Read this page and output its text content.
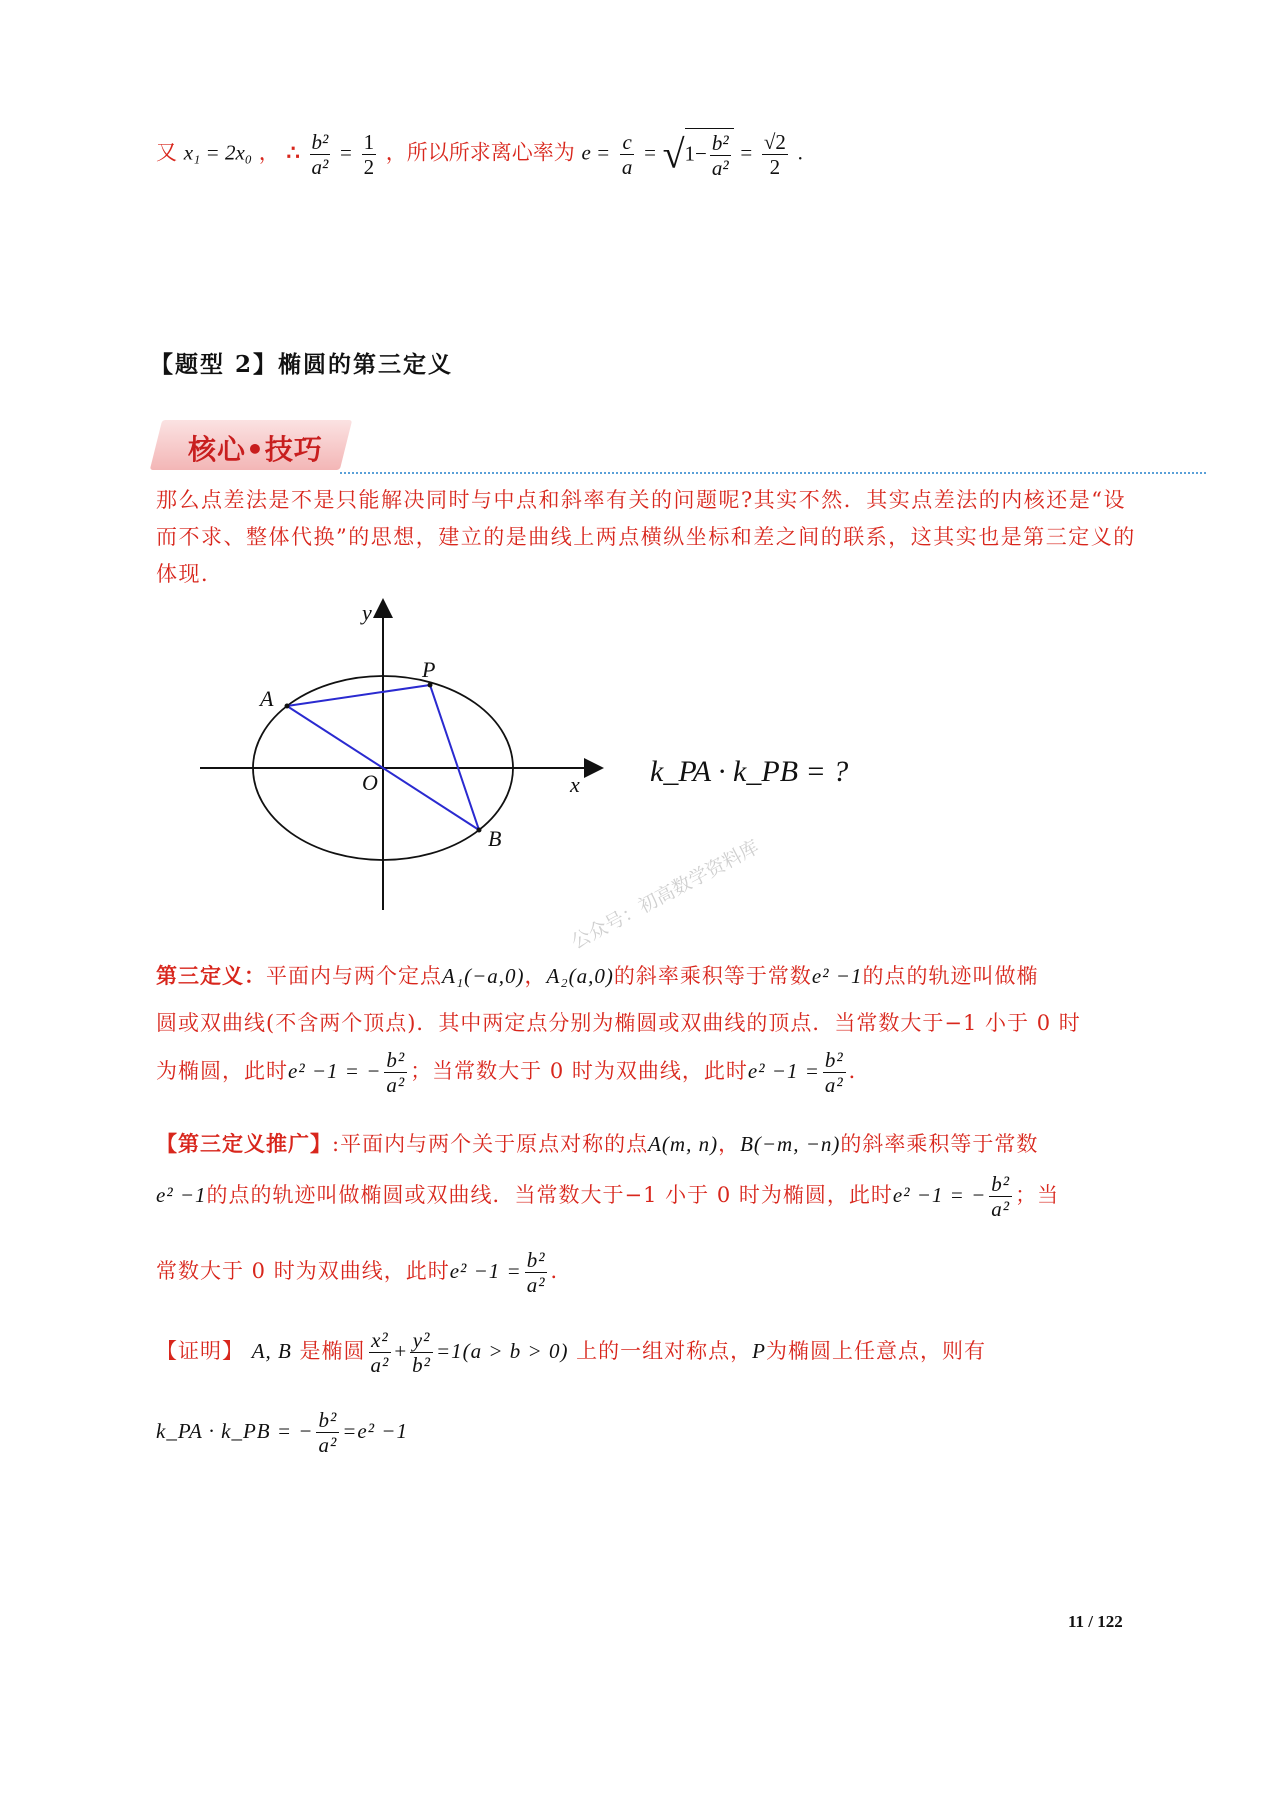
又 x₁ = 2x₀ ， ∴ $\frac{\text{b²}}{\text{a²}} = \frac{1}{2}$ ，所以所求离心率为 $e = \frac{c}{a} = √1- \frac{\text{b²}}{\text{a²}} = \frac{√2}{2}$ .
【题型 2】椭圆的第三定义
核心•技巧
那么点差法是不是只能解决同时与中点和斜率有关的问题呢?其实不然．其实点差法的内核还是“设而不求、整体代换”的思想，建立的是曲线上两点横纵坐标和差之间的联系，这其实也是第三定义的体现．
A
P
B
O	x
y
k_PA · k_PB = ?
公众号：初高数学资料库
第三定义：平面内与两个定点A₁(−a,0)，A₂(a,0)的斜率乘积等于常数e² −1的点的轨迹叫做椭
圆或双曲线(不含两个顶点)．其中两定点分别为椭圆或双曲线的顶点．当常数大于−1 小于 0 时
为椭圆，此时e² −1 = − $\frac{\text{b²}}{\text{a²}}$ ；当常数大于 0 时为双曲线，此时$e^2 -1 = \frac{\text{b²}}{\text{a²}}$ ．
【第三定义推广】:平面内与两个关于原点对称的点A(m, n)，B(−m, −n)的斜率乘积等于常数
e² −1的点的轨迹叫做椭圆或双曲线．当常数大于−1 小于 0 时为椭圆，此时e² −1 = − $\frac{\text{b²}}{\text{a²}}$ ；当
常数大于 0 时为双曲线，此时$e^2 -1 = \frac{\text{b²}}{\text{a²}}$ ．
【证明】 A, B 是椭圆 $\frac{\text{x²}}{\text{a²}} + \frac{\text{y²}}{\text{b²}} =1(a > b > 0)$ 上的一组对称点，P为椭圆上任意点，则有
k_PA · k_PB = − $\frac{\text{b²}}{\text{a²}} =e^2 -1$
11 / 122
